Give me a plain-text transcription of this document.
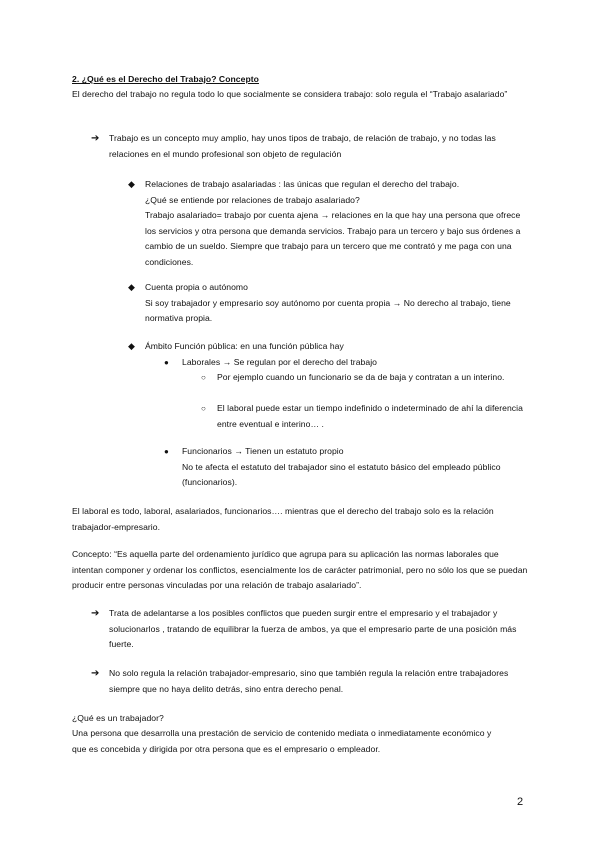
2. ¿Qué es el Derecho del Trabajo? Concepto
El derecho del trabajo no regula todo lo que socialmente se considera trabajo: solo regula el “Trabajo asalariado”
➔ Trabajo es un concepto muy amplio, hay unos tipos de trabajo, de relación de trabajo, y no todas las relaciones en el mundo profesional son objeto de regulación
◆ Relaciones de trabajo asalariadas : las únicas que regulan el derecho del trabajo.
¿Qué se entiende por relaciones de trabajo asalariado?
Trabajo asalariado= trabajo por cuenta ajena → relaciones en la que hay una persona que ofrece los servicios y otra persona que demanda servicios. Trabajo para un tercero y bajo sus órdenes a cambio de un sueldo. Siempre que trabajo para un tercero que me contrató y me paga con una condiciones.
◆ Cuenta propia o autónomo
Si soy trabajador y empresario soy autónomo por cuenta propia → No derecho al trabajo, tiene normativa propia.
◆ Ámbito Función pública: en una función pública hay
● Laborales → Se regulan por el derecho del trabajo
○ Por ejemplo cuando un funcionario se da de baja y contratan a un interino.
○ El laboral puede estar un tiempo indefinido o indeterminado de ahí la diferencia entre eventual e interino… .
● Funcionarios → Tienen un estatuto propio
No te afecta el estatuto del trabajador sino el estatuto básico del empleado público (funcionarios).
El laboral es todo, laboral, asalariados, funcionarios…. mientras que el derecho del trabajo solo es la relación trabajador-empresario.
Concepto: “Es aquella parte del ordenamiento jurídico que agrupa para su aplicación las normas laborales que intentan componer y ordenar los conflictos, esencialmente los de carácter patrimonial, pero no sólo los que se puedan producir entre personas vinculadas por una relación de trabajo asalariado”.
➔ Trata de adelantarse a los posibles conflictos que pueden surgir entre el empresario y el trabajador y solucionarlos , tratando de equilibrar la fuerza de ambos, ya que el empresario parte de una posición más fuerte.
➔ No solo regula la relación trabajador-empresario, sino que también regula la relación entre trabajadores siempre que no haya delito detrás, sino entra derecho penal.
¿Qué es un trabajador?
Una persona que desarrolla una prestación de servicio de contenido mediata o inmediatamente económico y que es concebida y dirigida por otra persona que es el empresario o empleador.
2
